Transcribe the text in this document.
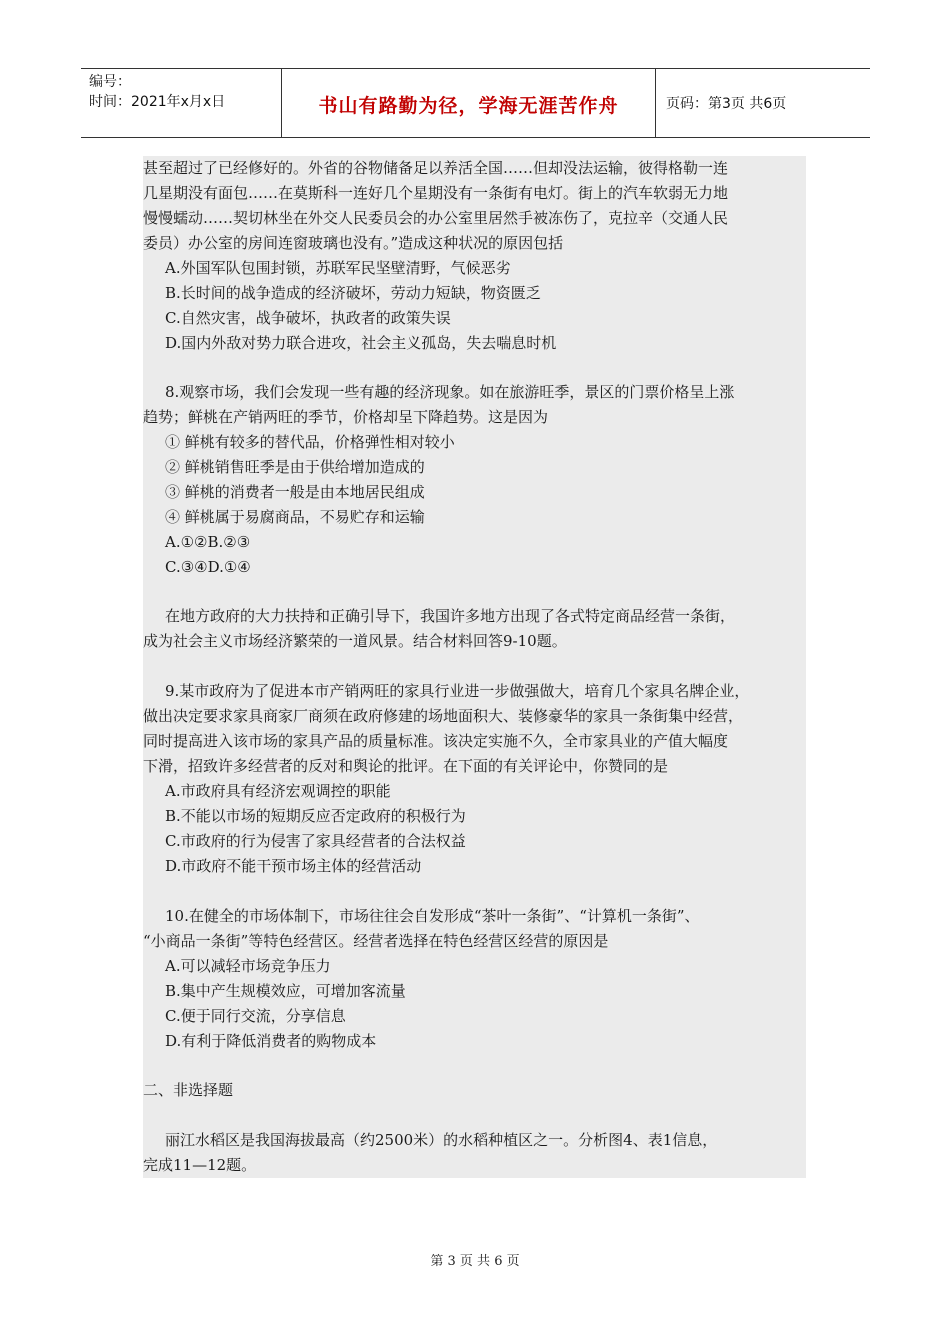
编号：
时间：2021年x月x日	书山有路勤为径，学海无涯苦作舟	页码：第3页 共6页
甚至超过了已经修好的。外省的谷物储备足以养活全国……但却没法运输，彼得格勒一连
几星期没有面包……在莫斯科一连好几个星期没有一条街有电灯。街上的汽车软弱无力地
慢慢蠕动……契切林坐在外交人民委员会的办公室里居然手被冻伤了，克拉辛（交通人民
委员）办公室的房间连窗玻璃也没有。”造成这种状况的原因包括
A.外国军队包围封锁，苏联军民坚壁清野，气候恶劣
B.长时间的战争造成的经济破坏，劳动力短缺，物资匮乏
C.自然灾害，战争破坏，执政者的政策失误
D.国内外敌对势力联合进攻，社会主义孤岛，失去喘息时机
8.观察市场，我们会发现一些有趣的经济现象。如在旅游旺季，景区的门票价格呈上涨
趋势；鲜桃在产销两旺的季节，价格却呈下降趋势。这是因为
① 鲜桃有较多的替代品，价格弹性相对较小
② 鲜桃销售旺季是由于供给增加造成的
③ 鲜桃的消费者一般是由本地居民组成
④ 鲜桃属于易腐商品，不易贮存和运输
A.①②B.②③
C.③④D.①④
在地方政府的大力扶持和正确引导下，我国许多地方出现了各式特定商品经营一条街，
成为社会主义市场经济繁荣的一道风景。结合材料回答9-10题。
9.某市政府为了促进本市产销两旺的家具行业进一步做强做大，培育几个家具名牌企业，
做出决定要求家具商家厂商须在政府修建的场地面积大、装修豪华的家具一条街集中经营，
同时提高进入该市场的家具产品的质量标准。该决定实施不久，全市家具业的产值大幅度
下滑，招致许多经营者的反对和舆论的批评。在下面的有关评论中，你赞同的是
A.市政府具有经济宏观调控的职能
B.不能以市场的短期反应否定政府的积极行为
C.市政府的行为侵害了家具经营者的合法权益
D.市政府不能干预市场主体的经营活动
10.在健全的市场体制下，市场往往会自发形成“茶叶一条街”、“计算机一条街”、
“小商品一条街”等特色经营区。经营者选择在特色经营区经营的原因是
A.可以减轻市场竞争压力
B.集中产生规模效应，可增加客流量
C.便于同行交流，分享信息
D.有利于降低消费者的购物成本
二、非选择题
丽江水稻区是我国海拔最高（约2500米）的水稻种植区之一。分析图4、表1信息，
完成11—12题。
第 3 页 共 6 页
